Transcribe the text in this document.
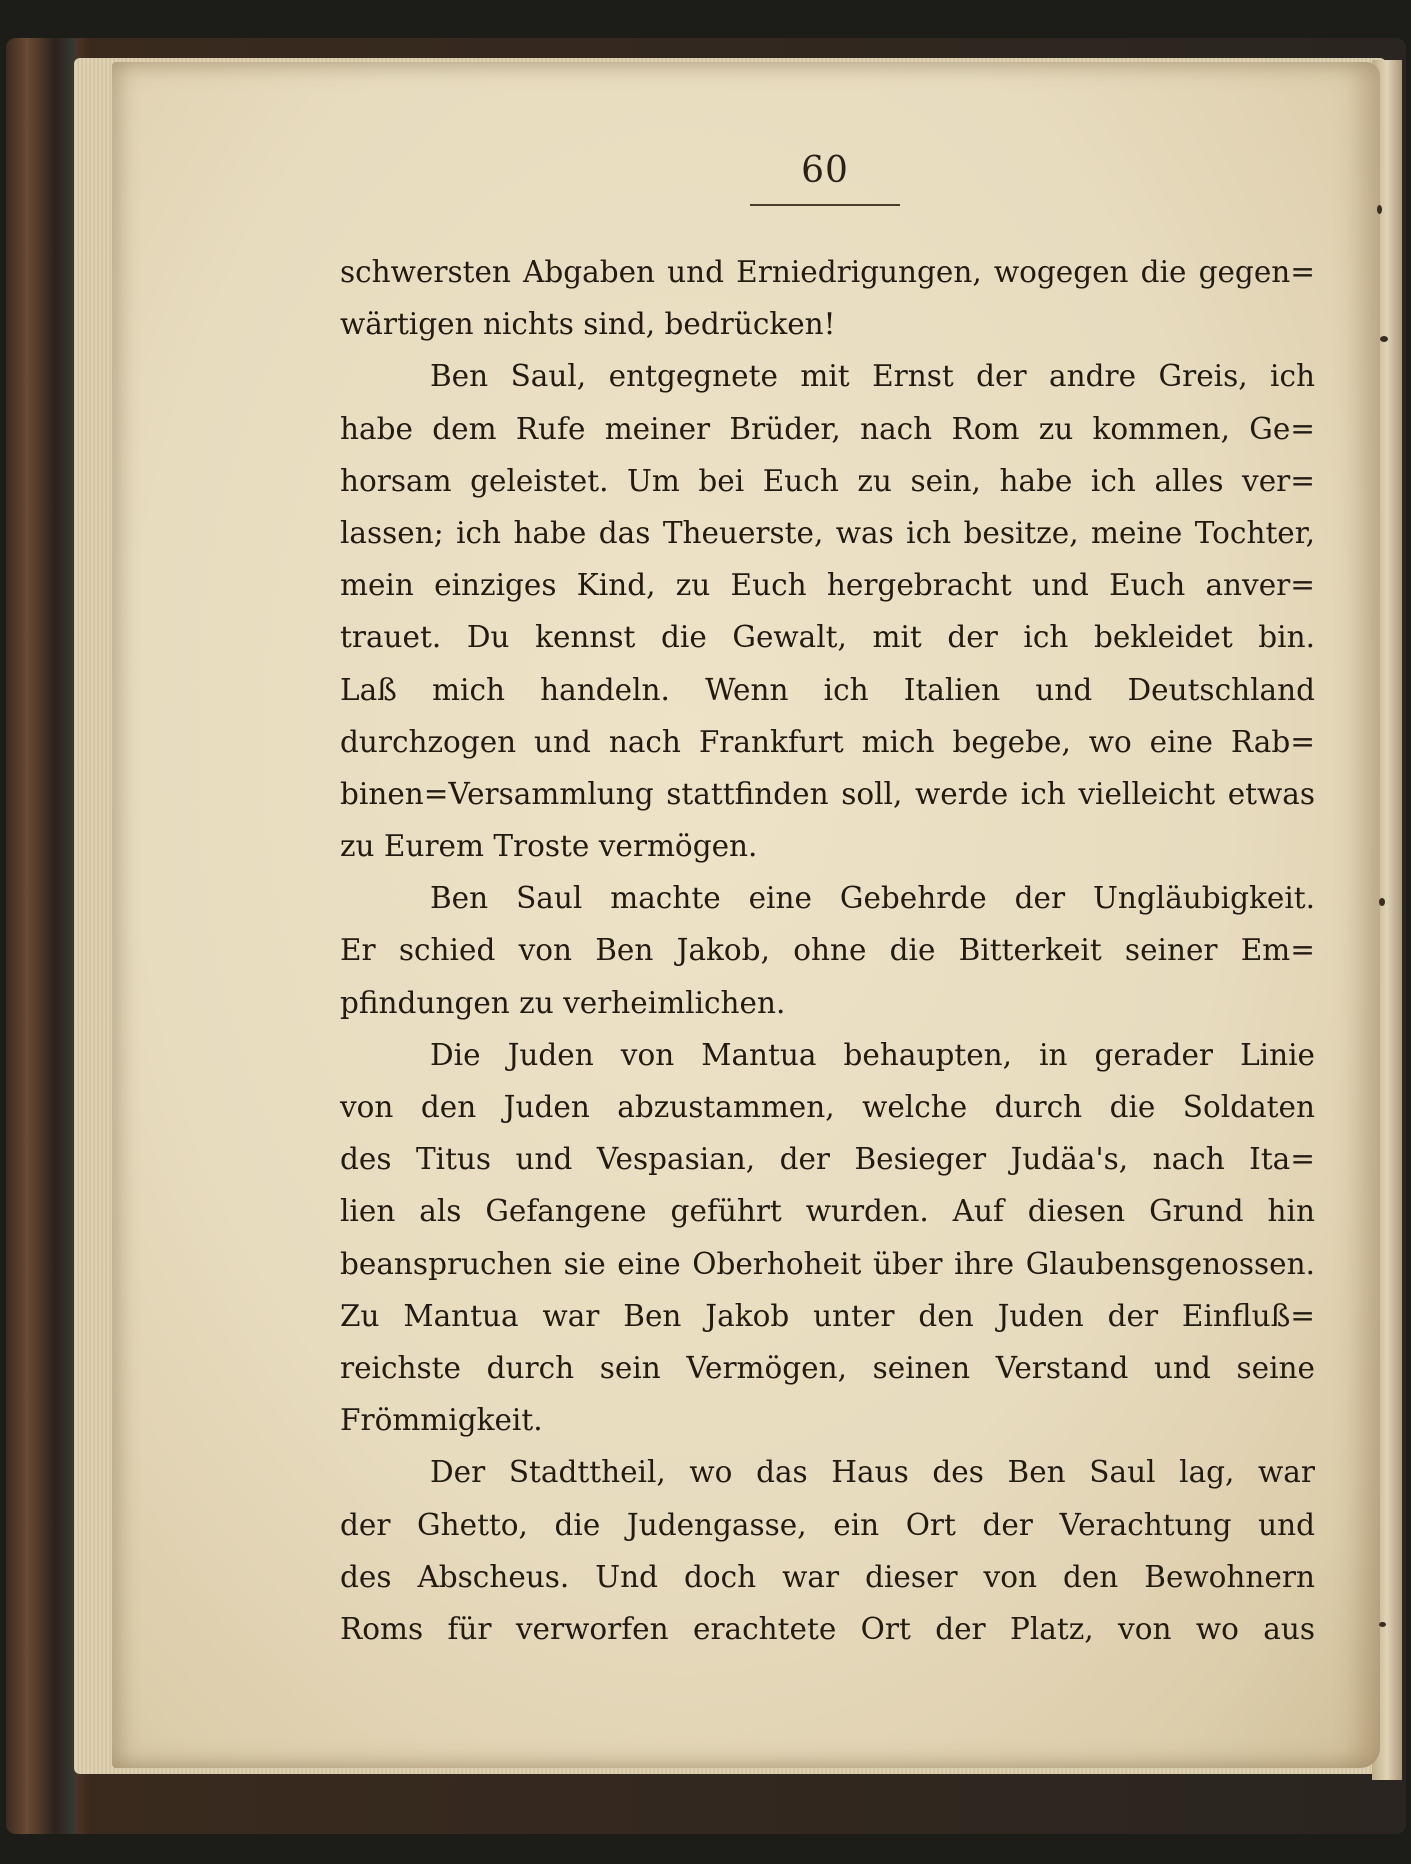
60
schwersten Abgaben und Erniedrigungen, wogegen die gegen=
wärtigen nichts sind, bedrücken!
Ben Saul, entgegnete mit Ernst der andre Greis, ich
habe dem Rufe meiner Brüder, nach Rom zu kommen, Ge=
horsam geleistet. Um bei Euch zu sein, habe ich alles ver=
lassen; ich habe das Theuerste, was ich besitze, meine Tochter,
mein einziges Kind, zu Euch hergebracht und Euch anver=
trauet. Du kennst die Gewalt, mit der ich bekleidet bin.
Laß mich handeln. Wenn ich Italien und Deutschland
durchzogen und nach Frankfurt mich begebe, wo eine Rab=
binen=Versammlung stattfinden soll, werde ich vielleicht etwas
zu Eurem Troste vermögen.
Ben Saul machte eine Gebehrde der Ungläubigkeit.
Er schied von Ben Jakob, ohne die Bitterkeit seiner Em=
pfindungen zu verheimlichen.
Die Juden von Mantua behaupten, in gerader Linie
von den Juden abzustammen, welche durch die Soldaten
des Titus und Vespasian, der Besieger Judäa's, nach Ita=
lien als Gefangene geführt wurden. Auf diesen Grund hin
beanspruchen sie eine Oberhoheit über ihre Glaubensgenossen.
Zu Mantua war Ben Jakob unter den Juden der Einfluß=
reichste durch sein Vermögen, seinen Verstand und seine
Frömmigkeit.
Der Stadttheil, wo das Haus des Ben Saul lag, war
der Ghetto, die Judengasse, ein Ort der Verachtung und
des Abscheus. Und doch war dieser von den Bewohnern
Roms für verworfen erachtete Ort der Platz, von wo aus
